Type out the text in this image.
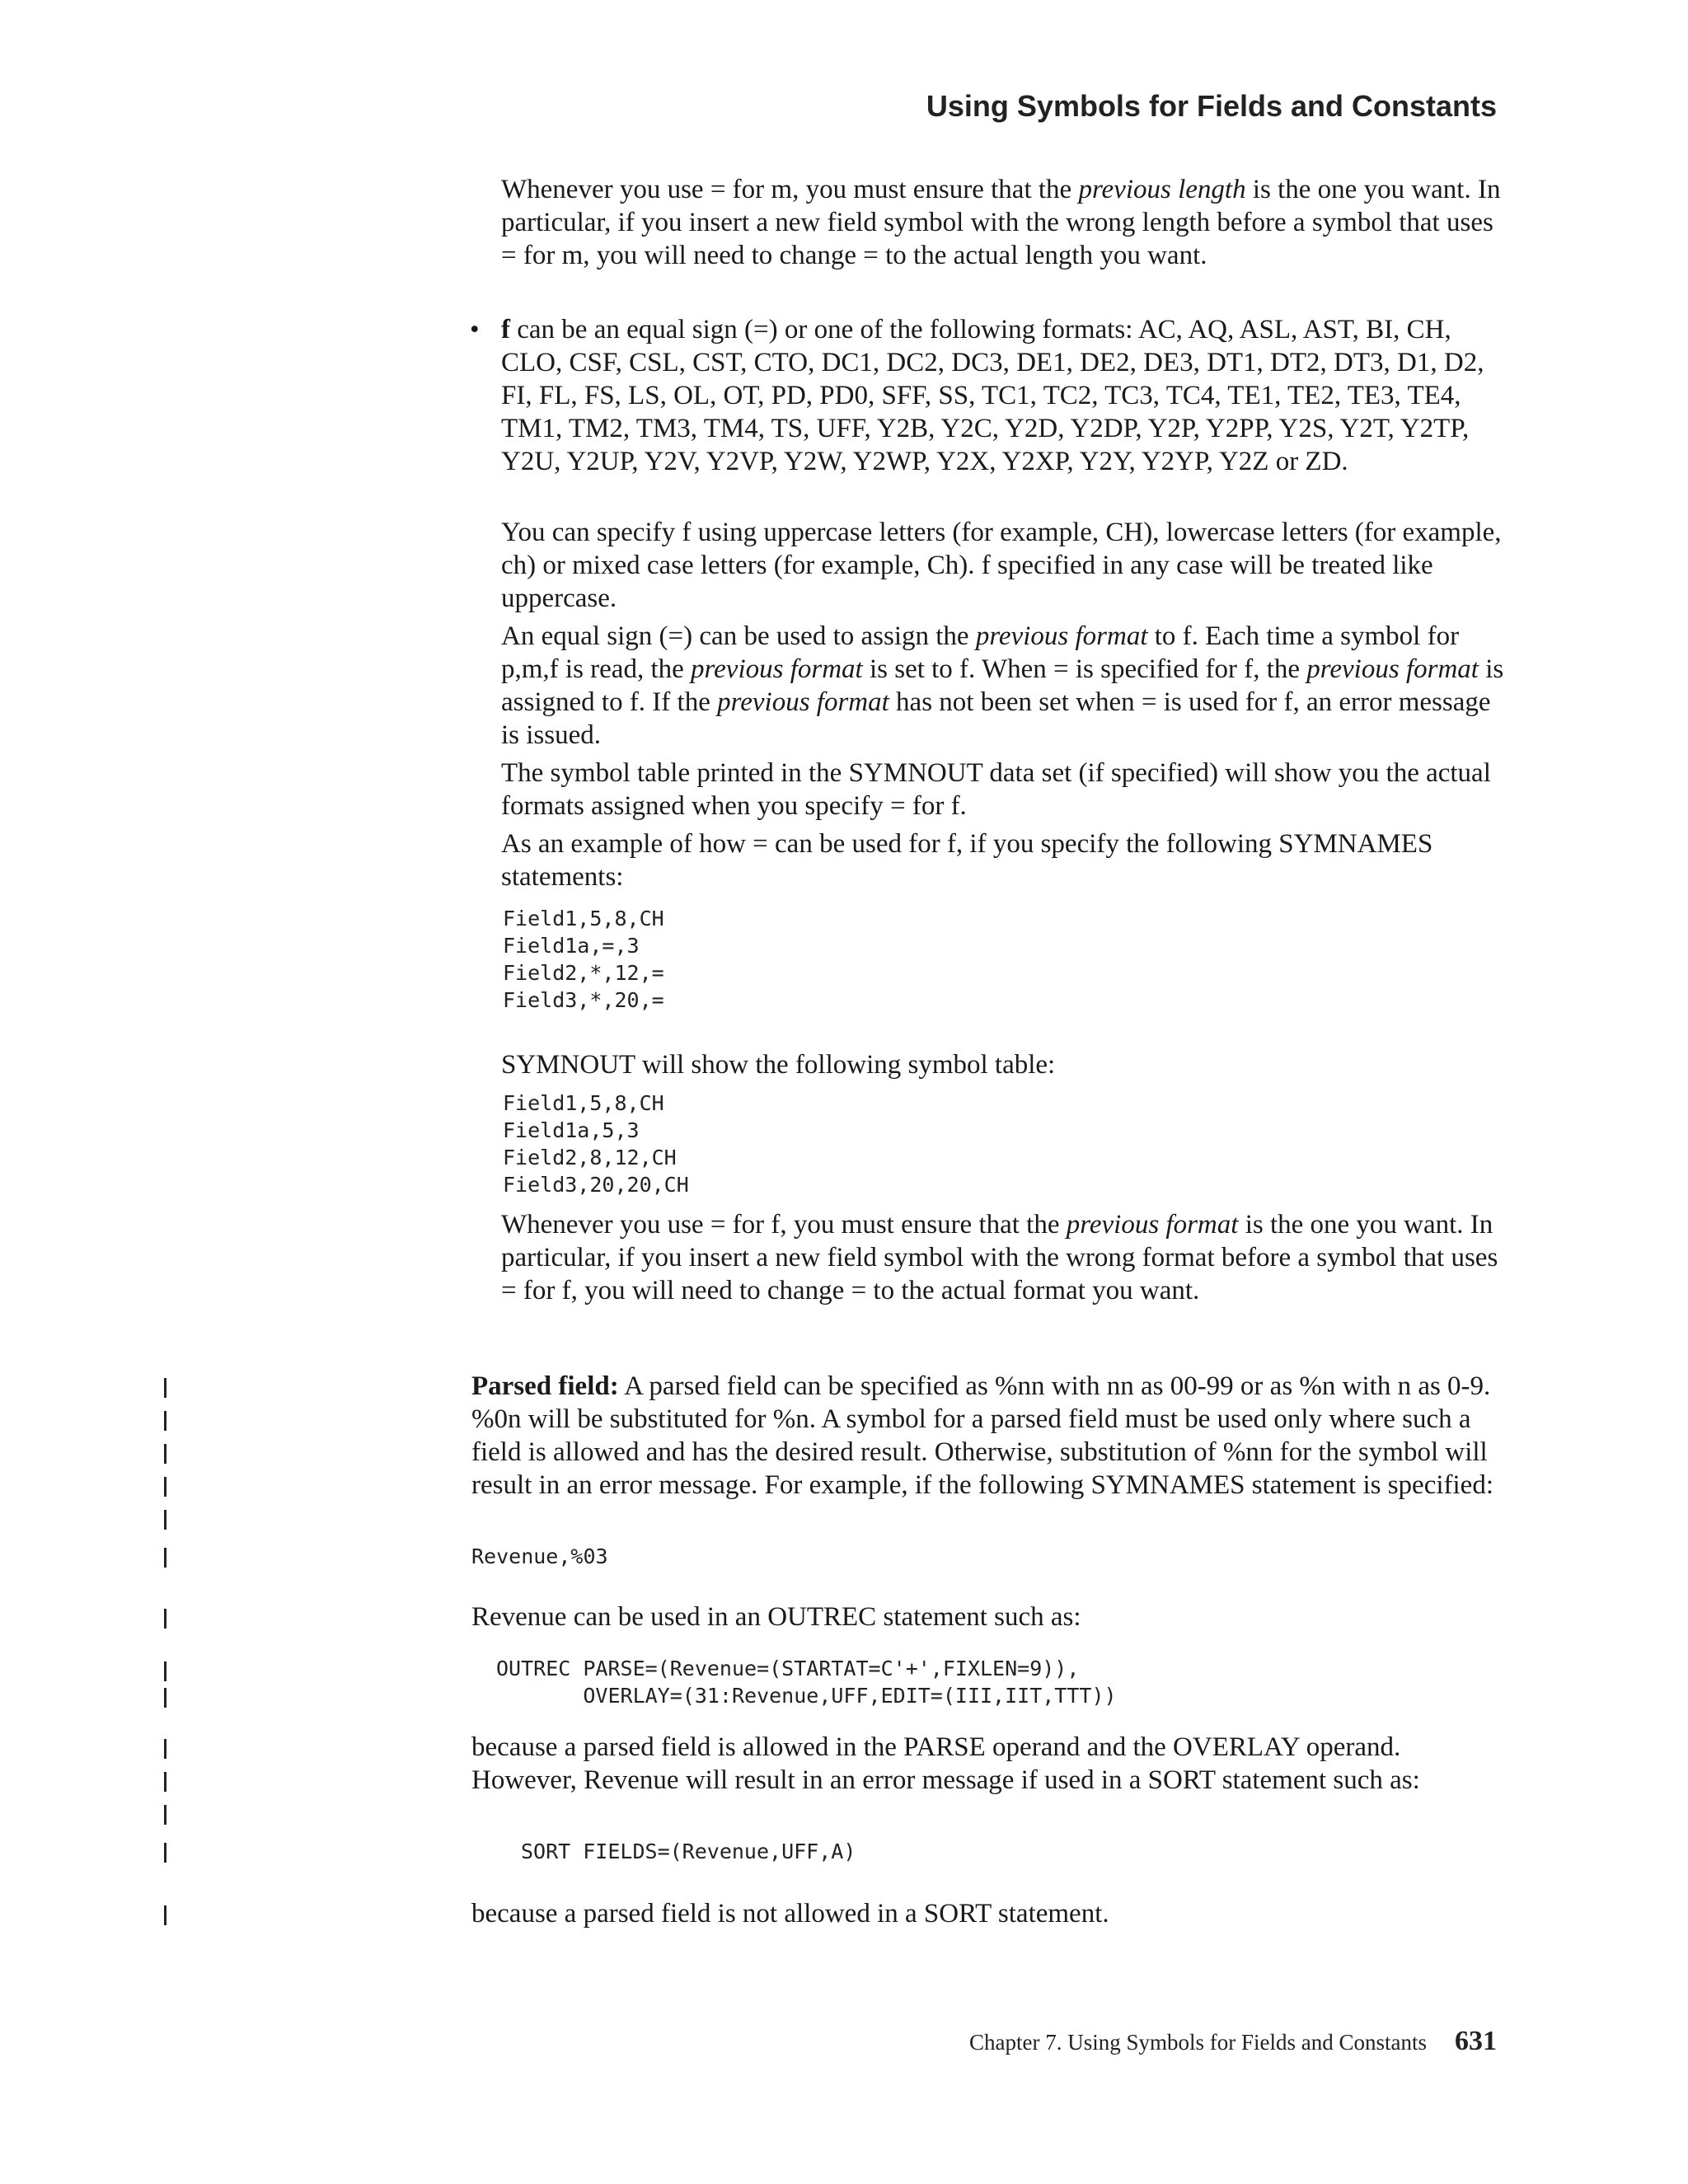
Using Symbols for Fields and Constants
Whenever you use = for m, you must ensure that the previous length is the one you want. In particular, if you insert a new field symbol with the wrong length before a symbol that uses = for m, you will need to change = to the actual length you want.
• f can be an equal sign (=) or one of the following formats: AC, AQ, ASL, AST, BI, CH, CLO, CSF, CSL, CST, CTO, DC1, DC2, DC3, DE1, DE2, DE3, DT1, DT2, DT3, D1, D2, FI, FL, FS, LS, OL, OT, PD, PD0, SFF, SS, TC1, TC2, TC3, TC4, TE1, TE2, TE3, TE4, TM1, TM2, TM3, TM4, TS, UFF, Y2B, Y2C, Y2D, Y2DP, Y2P, Y2PP, Y2S, Y2T, Y2TP, Y2U, Y2UP, Y2V, Y2VP, Y2W, Y2WP, Y2X, Y2XP, Y2Y, Y2YP, Y2Z or ZD.
You can specify f using uppercase letters (for example, CH), lowercase letters (for example, ch) or mixed case letters (for example, Ch). f specified in any case will be treated like uppercase.
An equal sign (=) can be used to assign the previous format to f. Each time a symbol for p,m,f is read, the previous format is set to f. When = is specified for f, the previous format is assigned to f. If the previous format has not been set when = is used for f, an error message is issued.
The symbol table printed in the SYMNOUT data set (if specified) will show you the actual formats assigned when you specify = for f.
As an example of how = can be used for f, if you specify the following SYMNAMES statements:
Field1,5,8,CH
Field1a,=,3
Field2,*,12,=
Field3,*,20,=
SYMNOUT will show the following symbol table:
Field1,5,8,CH
Field1a,5,3
Field2,8,12,CH
Field3,20,20,CH
Whenever you use = for f, you must ensure that the previous format is the one you want. In particular, if you insert a new field symbol with the wrong format before a symbol that uses = for f, you will need to change = to the actual format you want.
Parsed field: A parsed field can be specified as %nn with nn as 00-99 or as %n with n as 0-9. %0n will be substituted for %n. A symbol for a parsed field must be used only where such a field is allowed and has the desired result. Otherwise, substitution of %nn for the symbol will result in an error message. For example, if the following SYMNAMES statement is specified:
Revenue,%03
Revenue can be used in an OUTREC statement such as:
OUTREC PARSE=(Revenue=(STARTAT=C'+',FIXLEN=9)),
OVERLAY=(31:Revenue,UFF,EDIT=(III,IIT,TTT))
because a parsed field is allowed in the PARSE operand and the OVERLAY operand. However, Revenue will result in an error message if used in a SORT statement such as:
SORT FIELDS=(Revenue,UFF,A)
because a parsed field is not allowed in a SORT statement.
Chapter 7. Using Symbols for Fields and Constants 631
